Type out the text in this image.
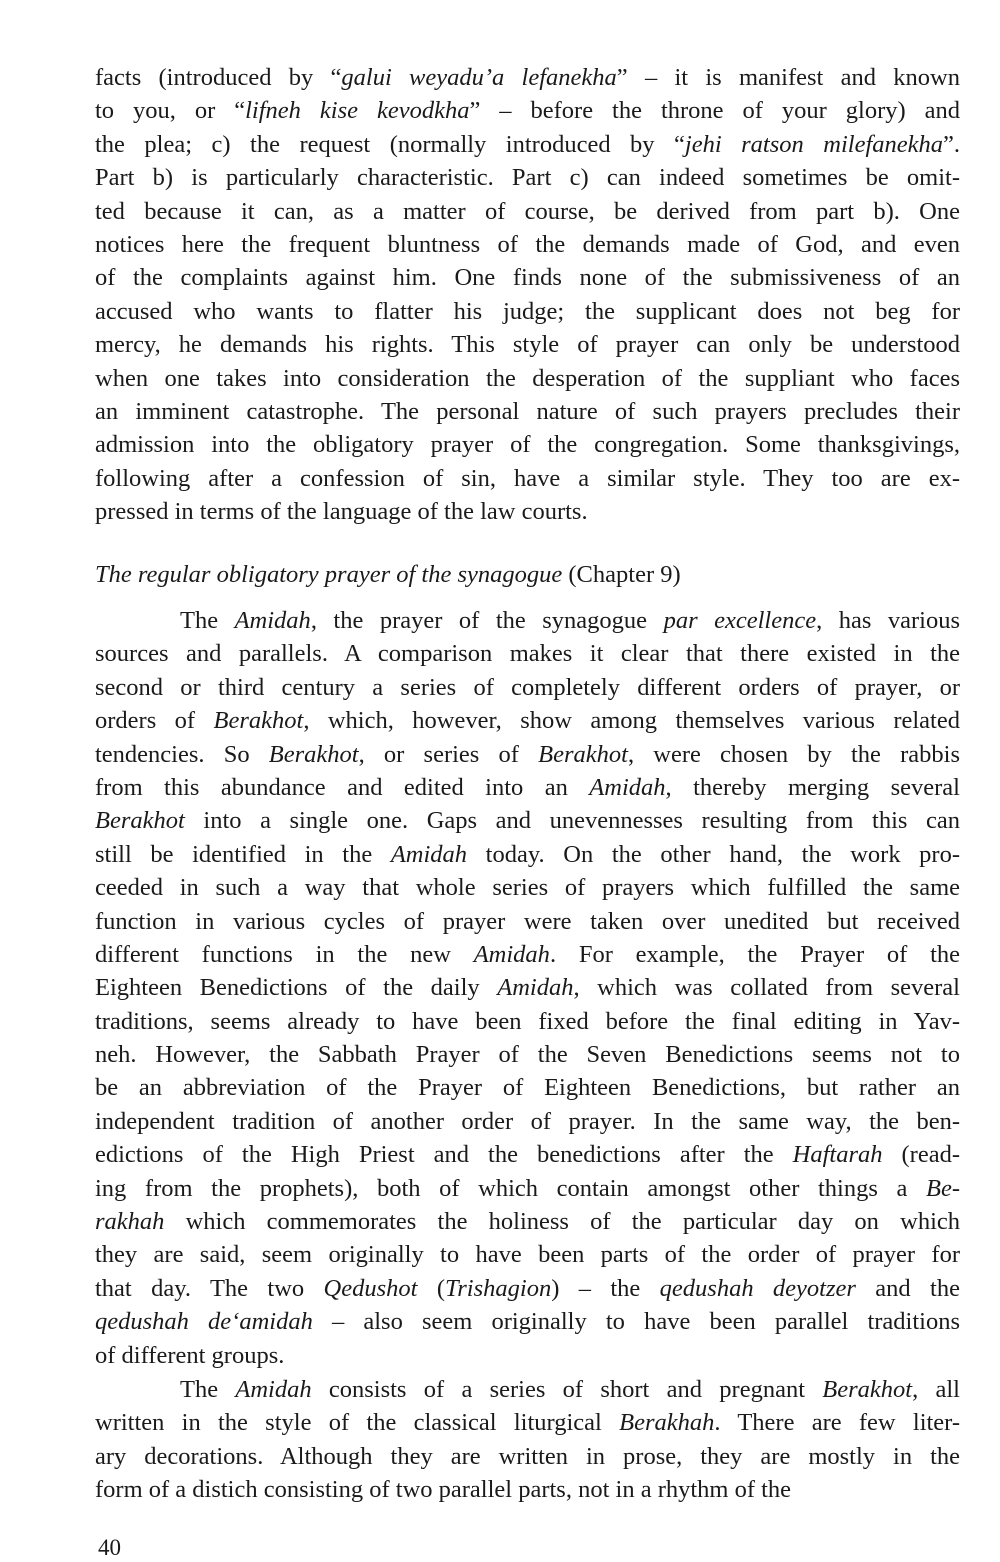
facts (introduced by “galui weyadu’a lefanekha” – it is manifest and known
to you, or “lifneh kise kevodkha” – before the throne of your glory) and
the plea; c) the request (normally introduced by “jehi ratson milefanekha”.
Part b) is particularly characteristic. Part c) can indeed sometimes be omit-
ted because it can, as a matter of course, be derived from part b). One
notices here the frequent bluntness of the demands made of God, and even
of the complaints against him. One finds none of the submissiveness of an
accused who wants to flatter his judge; the supplicant does not beg for
mercy, he demands his rights. This style of prayer can only be understood
when one takes into consideration the desperation of the suppliant who faces
an imminent catastrophe. The personal nature of such prayers precludes their
admission into the obligatory prayer of the congregation. Some thanksgivings,
following after a confession of sin, have a similar style. They too are ex-
pressed in terms of the language of the law courts.
The regular obligatory prayer of the synagogue (Chapter 9)
The Amidah, the prayer of the synagogue par excellence, has various
sources and parallels. A comparison makes it clear that there existed in the
second or third century a series of completely different orders of prayer, or
orders of Berakhot, which, however, show among themselves various related
tendencies. So Berakhot, or series of Berakhot, were chosen by the rabbis
from this abundance and edited into an Amidah, thereby merging several
Berakhot into a single one. Gaps and unevennesses resulting from this can
still be identified in the Amidah today. On the other hand, the work pro-
ceeded in such a way that whole series of prayers which fulfilled the same
function in various cycles of prayer were taken over unedited but received
different functions in the new Amidah. For example, the Prayer of the
Eighteen Benedictions of the daily Amidah, which was collated from several
traditions, seems already to have been fixed before the final editing in Yav-
neh. However, the Sabbath Prayer of the Seven Benedictions seems not to
be an abbreviation of the Prayer of Eighteen Benedictions, but rather an
independent tradition of another order of prayer. In the same way, the ben-
edictions of the High Priest and the benedictions after the Haftarah (read-
ing from the prophets), both of which contain amongst other things a Be-
rakhah which commemorates the holiness of the particular day on which
they are said, seem originally to have been parts of the order of prayer for
that day. The two Qedushot (Trishagion) – the qedushah deyotzer and the
qedushah de‘amidah – also seem originally to have been parallel traditions
of different groups.
The Amidah consists of a series of short and pregnant Berakhot, all
written in the style of the classical liturgical Berakhah. There are few liter-
ary decorations. Although they are written in prose, they are mostly in the
form of a distich consisting of two parallel parts, not in a rhythm of the
40
